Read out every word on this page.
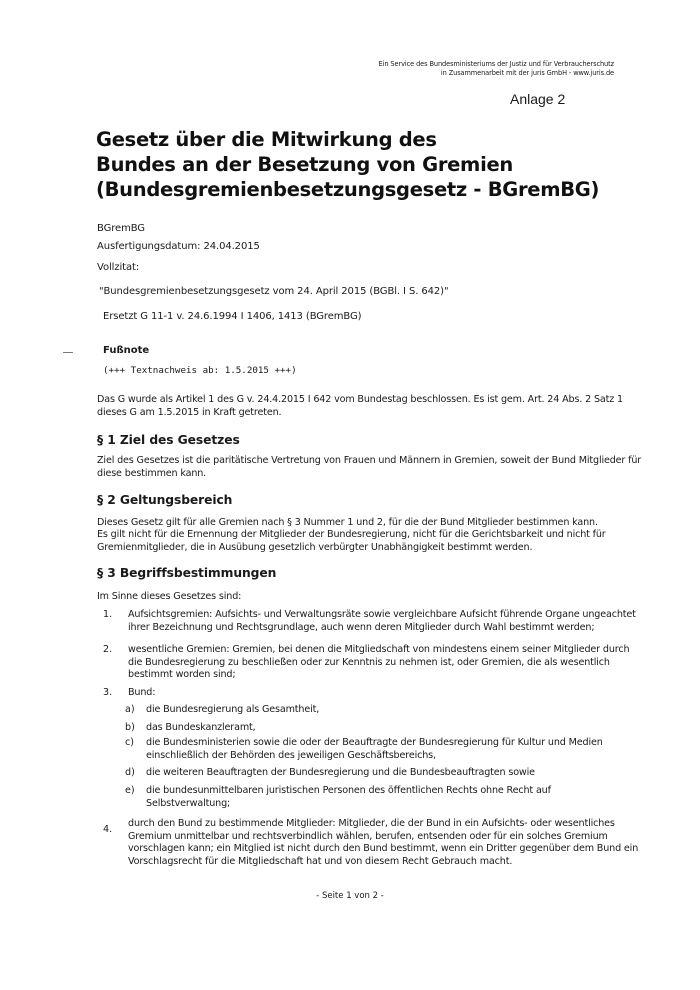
Ein Service des Bundesministeriums der Justiz und für Verbraucherschutz
in Zusammenarbeit mit der juris GmbH - www.juris.de
Anlage 2
Gesetz über die Mitwirkung des
Bundes an der Besetzung von Gremien
(Bundesgremienbesetzungsgesetz - BGremBG)
BGremBG
Ausfertigungsdatum: 24.04.2015
Vollzitat:
"Bundesgremienbesetzungsgesetz vom 24. April 2015 (BGBl. I S. 642)"
Ersetzt G 11-1 v. 24.6.1994 I 1406, 1413 (BGremBG)
Fußnote
(+++ Textnachweis ab: 1.5.2015 +++)
Das G wurde als Artikel 1 des G v. 24.4.2015 I 642 vom Bundestag beschlossen. Es ist gem. Art. 24 Abs. 2 Satz 1 dieses G am 1.5.2015 in Kraft getreten.
§ 1 Ziel des Gesetzes
Ziel des Gesetzes ist die paritätische Vertretung von Frauen und Männern in Gremien, soweit der Bund Mitglieder für diese bestimmen kann.
§ 2 Geltungsbereich
Dieses Gesetz gilt für alle Gremien nach § 3 Nummer 1 und 2, für die der Bund Mitglieder bestimmen kann.
Es gilt nicht für die Ernennung der Mitglieder der Bundesregierung, nicht für die Gerichtsbarkeit und nicht für Gremienmitglieder, die in Ausübung gesetzlich verbürgter Unabhängigkeit bestimmt werden.
§ 3 Begriffsbestimmungen
Im Sinne dieses Gesetzes sind:
1. Aufsichtsgremien: Aufsichts- und Verwaltungsräte sowie vergleichbare Aufsicht führende Organe ungeachtet ihrer Bezeichnung und Rechtsgrundlage, auch wenn deren Mitglieder durch Wahl bestimmt werden;
2. wesentliche Gremien: Gremien, bei denen die Mitgliedschaft von mindestens einem seiner Mitglieder durch die Bundesregierung zu beschließen oder zur Kenntnis zu nehmen ist, oder Gremien, die als wesentlich bestimmt worden sind;
3. Bund:
a) die Bundesregierung als Gesamtheit,
b) das Bundeskanzleramt,
c) die Bundesministerien sowie die oder der Beauftragte der Bundesregierung für Kultur und Medien einschließlich der Behörden des jeweiligen Geschäftsbereichs,
d) die weiteren Beauftragten der Bundesregierung und die Bundesbeauftragten sowie
e) die bundesunmittelbaren juristischen Personen des öffentlichen Rechts ohne Recht auf Selbstverwaltung;
4.
durch den Bund zu bestimmende Mitglieder: Mitglieder, die der Bund in ein Aufsichts- oder wesentliches Gremium unmittelbar und rechtsverbindlich wählen, berufen, entsenden oder für ein solches Gremium vorschlagen kann; ein Mitglied ist nicht durch den Bund bestimmt, wenn ein Dritter gegenüber dem Bund ein Vorschlagsrecht für die Mitgliedschaft hat und von diesem Recht Gebrauch macht.
- Seite 1 von 2 -
